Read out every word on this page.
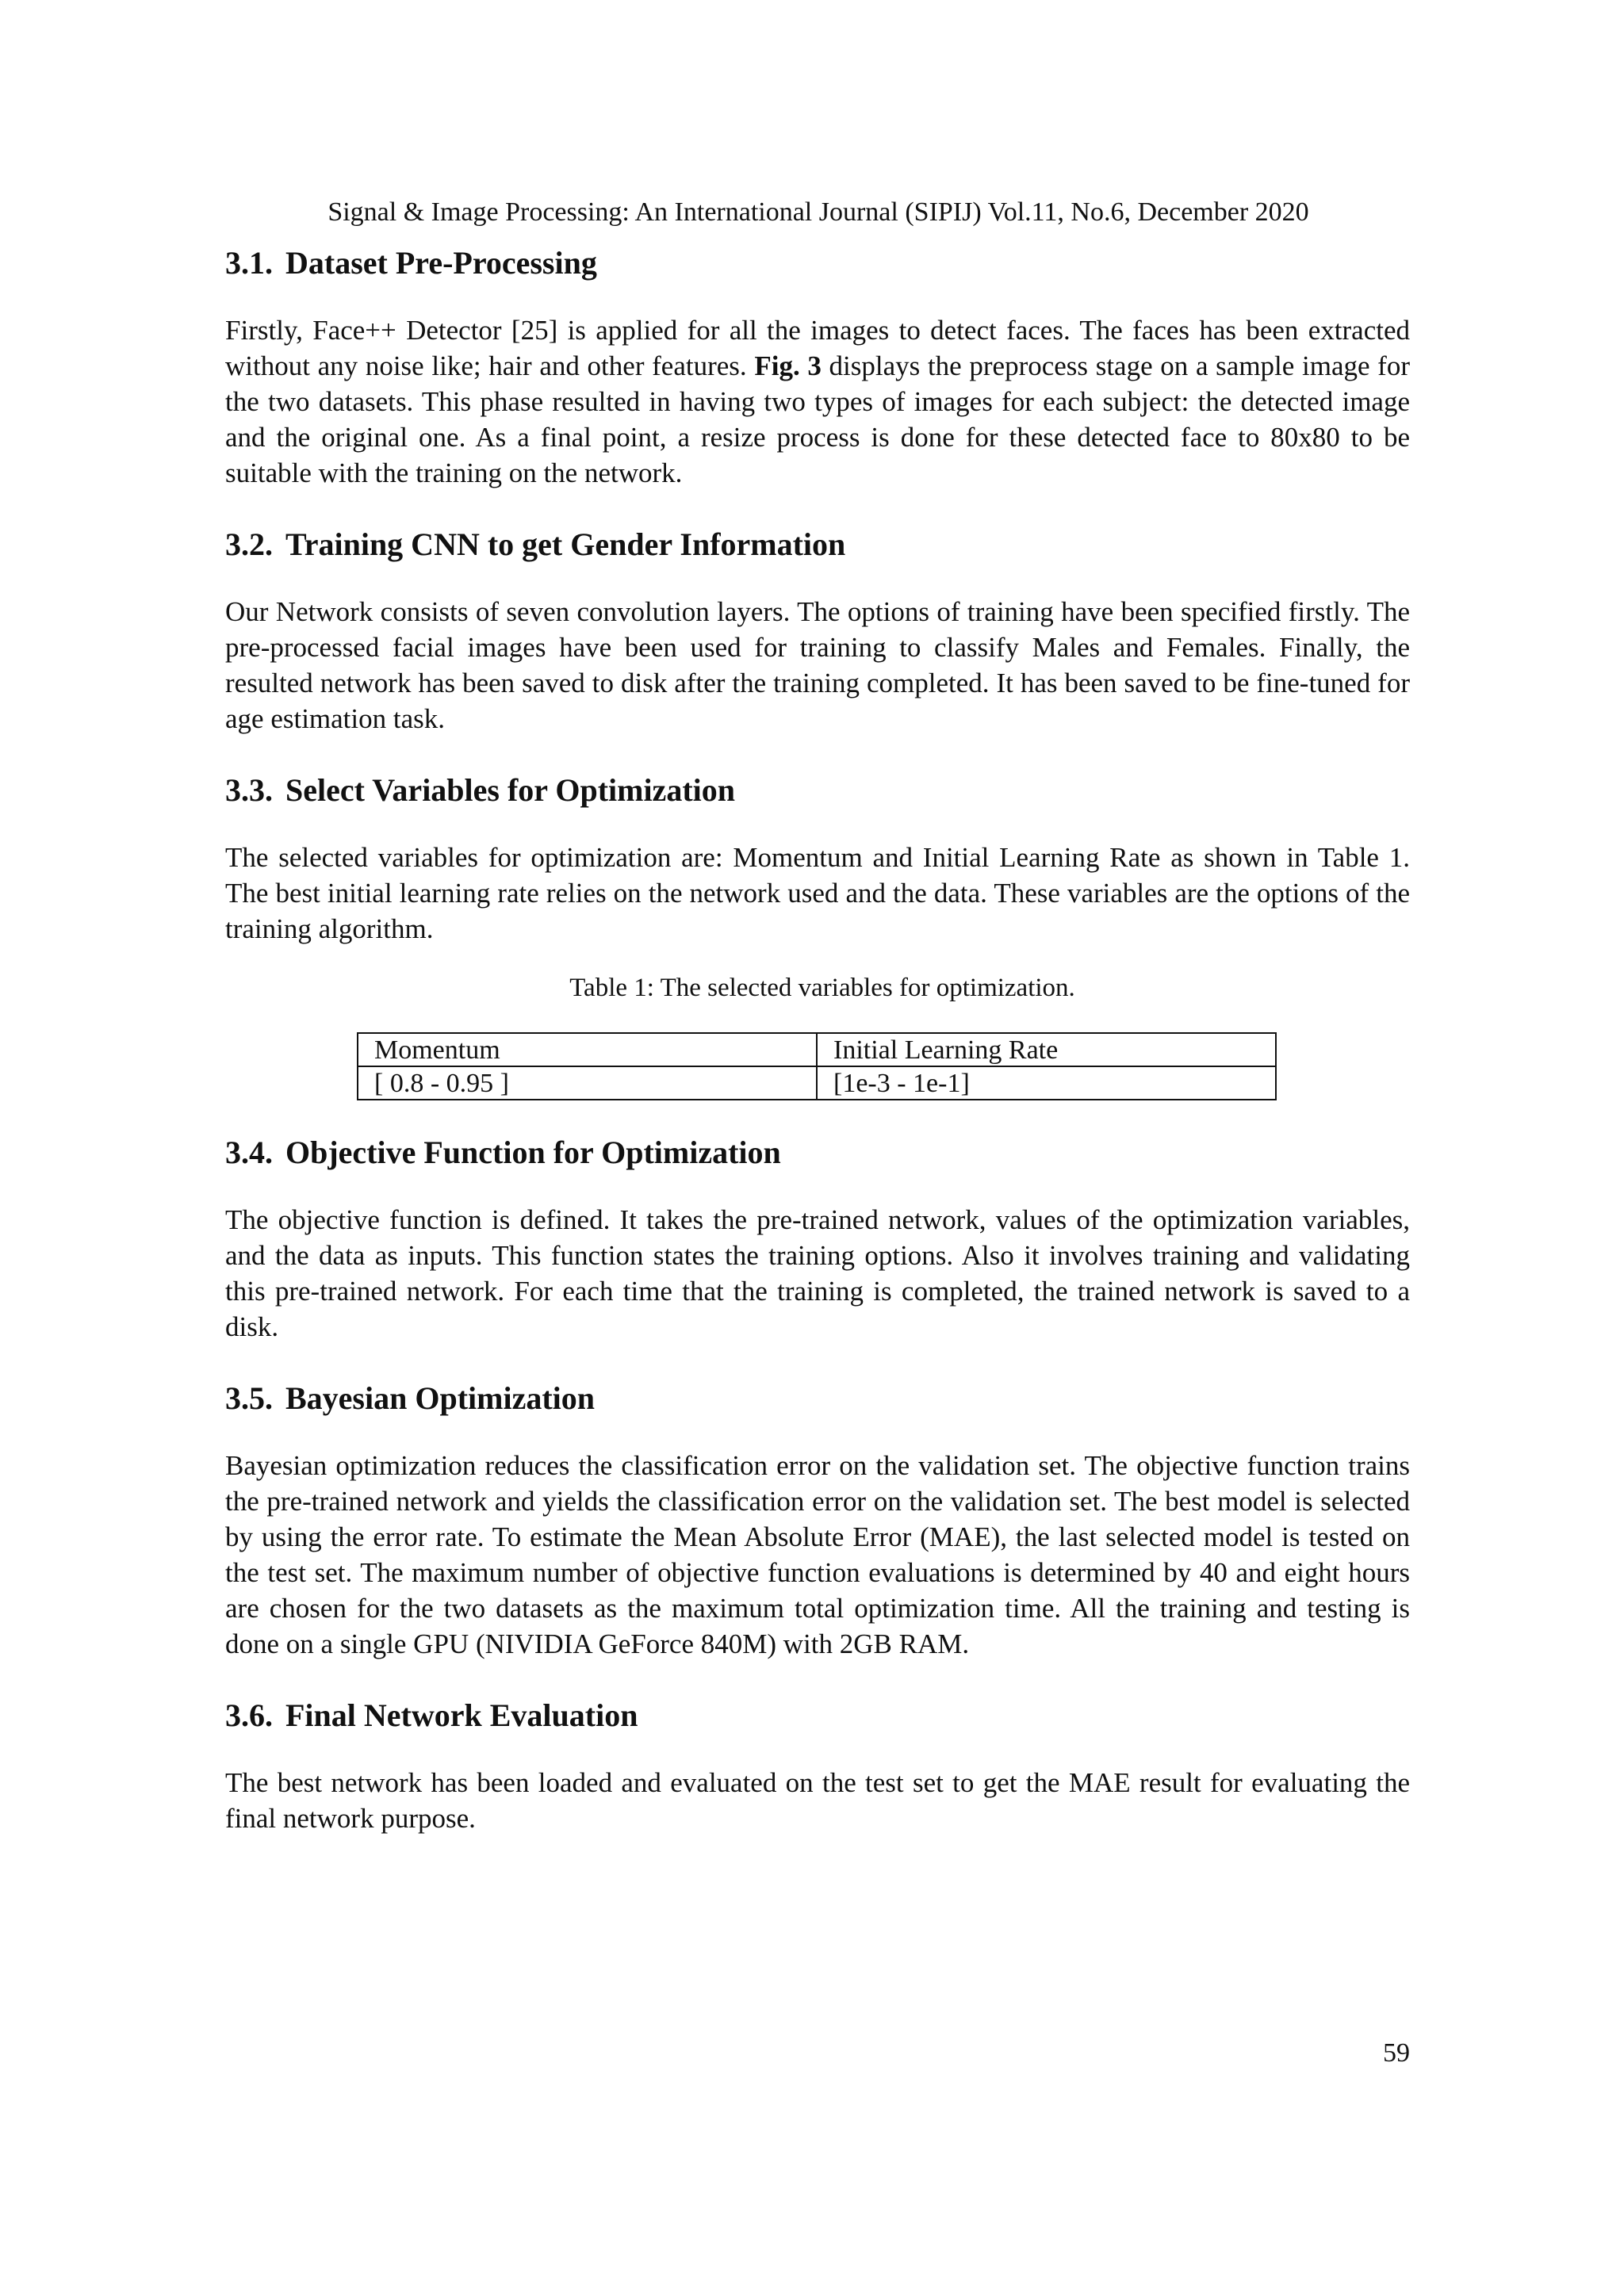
Signal & Image Processing: An International Journal (SIPIJ) Vol.11, No.6, December 2020
3.1. Dataset Pre-Processing

Firstly, Face++ Detector [25] is applied for all the images to detect faces. The faces has been extracted without any noise like; hair and other features. Fig. 3 displays the preprocess stage on a sample image for the two datasets. This phase resulted in having two types of images for each subject: the detected image and the original one. As a final point, a resize process is done for these detected face to 80x80 to be suitable with the training on the network.

3.2. Training CNN to get Gender Information

Our Network consists of seven convolution layers. The options of training have been specified firstly. The pre-processed facial images have been used for training to classify Males and Females. Finally, the resulted network has been saved to disk after the training completed. It has been saved to be fine-tuned for age estimation task.

3.3. Select Variables for Optimization

The selected variables for optimization are: Momentum and Initial Learning Rate as shown in Table 1. The best initial learning rate relies on the network used and the data. These variables are the options of the training algorithm.

Table 1: The selected variables for optimization.
Momentum	Initial Learning Rate
[ 0.8 - 0.95 ]	[1e-3 - 1e-1]
3.4. Objective Function for Optimization

The objective function is defined. It takes the pre-trained network, values of the optimization variables, and the data as inputs. This function states the training options. Also it involves training and validating this pre-trained network. For each time that the training is completed, the trained network is saved to a disk.

3.5. Bayesian Optimization

Bayesian optimization reduces the classification error on the validation set. The objective function trains the pre-trained network and yields the classification error on the validation set. The best model is selected by using the error rate. To estimate the Mean Absolute Error (MAE), the last selected model is tested on the test set. The maximum number of objective function evaluations is determined by 40 and eight hours are chosen for the two datasets as the maximum total optimization time. All the training and testing is done on a single GPU (NIVIDIA GeForce 840M) with 2GB RAM.

3.6. Final Network Evaluation

The best network has been loaded and evaluated on the test set to get the MAE result for evaluating the final network purpose.

59
